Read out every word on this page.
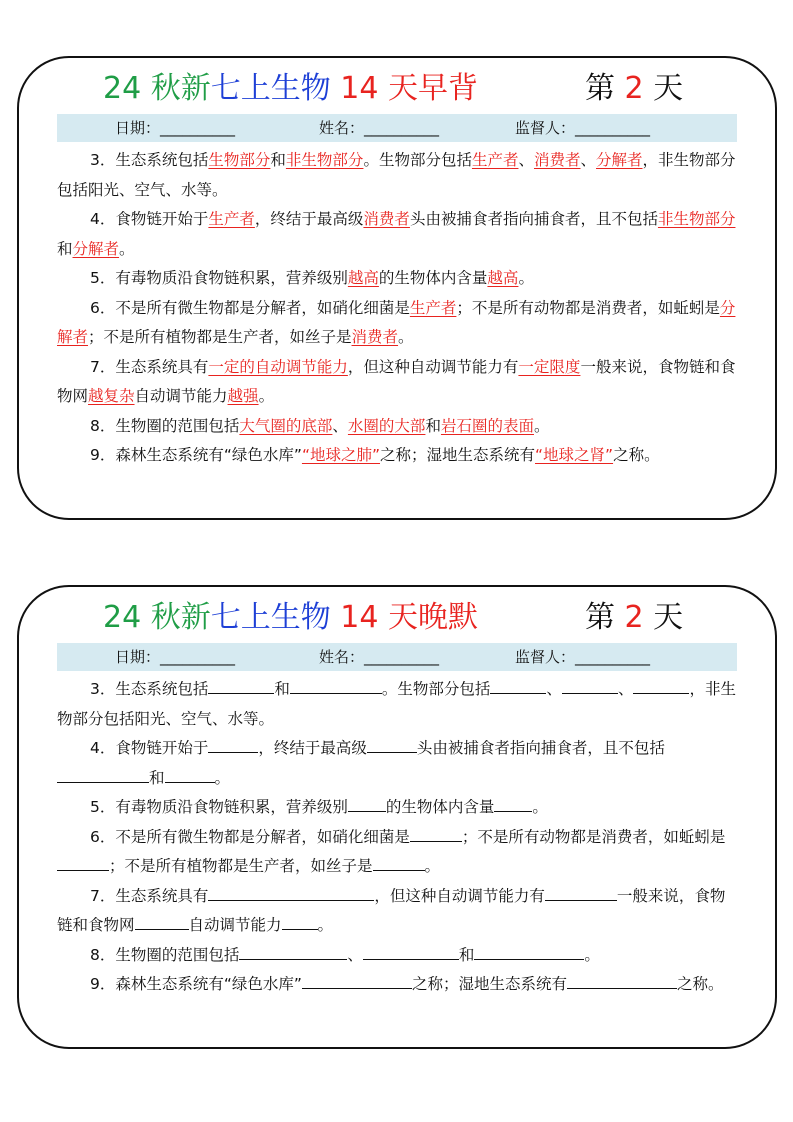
24 秋新七上生物 14 天早背	第 2 天
日期：__________	姓名：__________	监督人：__________

3．生态系统包括生物部分和非生物部分。生物部分包括生产者、消费者、分解者，非生物部分包括阳光、空气、水等。

4．食物链开始于生产者，终结于最高级消费者头由被捕食者指向捕食者，且不包括非生物部分和分解者。

5．有毒物质沿食物链积累，营养级别越高的生物体内含量越高。

6．不是所有微生物都是分解者，如硝化细菌是生产者；不是所有动物都是消费者，如蚯蚓是分解者；不是所有植物都是生产者，如丝子是消费者。

7．生态系统具有一定的自动调节能力，但这种自动调节能力有一定限度一般来说，食物链和食物网越复杂自动调节能力越强。

8．生物圈的范围包括大气圈的底部、水圈的大部和岩石圈的表面。

9．森林生态系统有“绿色水库”“地球之肺”之称；湿地生态系统有“地球之肾”之称。

24 秋新七上生物 14 天晚默	第 2 天
日期：__________	姓名：__________	监督人：__________

3．生态系统包括	和	。生物部分包括	、	、	，非生物部分包括阳光、空气、水等。

4．食物链开始于	，终结于最高级	头由被捕食者指向捕食者，且不包括和	。

5．有毒物质沿食物链积累，营养级别 的生物体内含量 。

6．不是所有微生物都是分解者，如硝化细菌是	；不是所有动物都是消费者，如蚯蚓是；不是所有植物都是生产者，如丝子是	。

7．生态系统具有	，但这种自动调节能力有	一般来说，食物链和食物网	自动调节能力 。

8．生物圈的范围包括	、	和	。

9．森林生态系统有“绿色水库”	之称；湿地生态系统有	之称。
